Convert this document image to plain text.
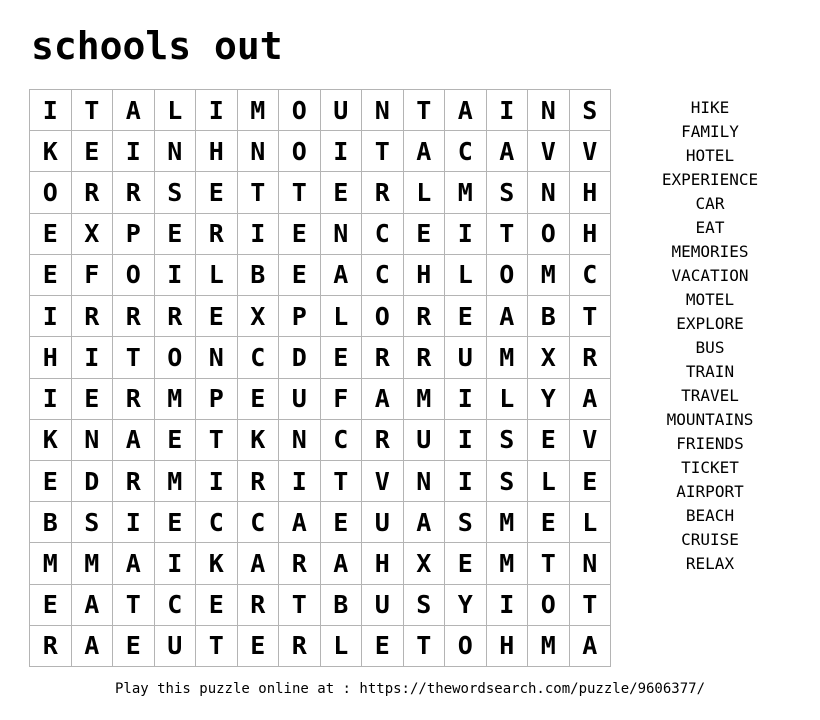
schools out
I	T	A	L	I	M	O	U	N	T	A	I	N	S
K	E	I	N	H	N	O	I	T	A	C	A	V	V
O	R	R	S	E	T	T	E	R	L	M	S	N	H
E	X	P	E	R	I	E	N	C	E	I	T	O	H
E	F	O	I	L	B	E	A	C	H	L	O	M	C
I	R	R	R	E	X	P	L	O	R	E	A	B	T
H	I	T	O	N	C	D	E	R	R	U	M	X	R
I	E	R	M	P	E	U	F	A	M	I	L	Y	A
K	N	A	E	T	K	N	C	R	U	I	S	E	V
E	D	R	M	I	R	I	T	V	N	I	S	L	E
B	S	I	E	C	C	A	E	U	A	S	M	E	L
M	M	A	I	K	A	R	A	H	X	E	M	T	N
E	A	T	C	E	R	T	B	U	S	Y	I	O	T
R	A	E	U	T	E	R	L	E	T	O	H	M	A
HIKE
FAMILY
HOTEL
EXPERIENCE
CAR
EAT
MEMORIES
VACATION
MOTEL
EXPLORE
BUS
TRAIN
TRAVEL
MOUNTAINS
FRIENDS
TICKET
AIRPORT
BEACH
CRUISE
RELAX
Play this puzzle online at : https://thewordsearch.com/puzzle/9606377/
